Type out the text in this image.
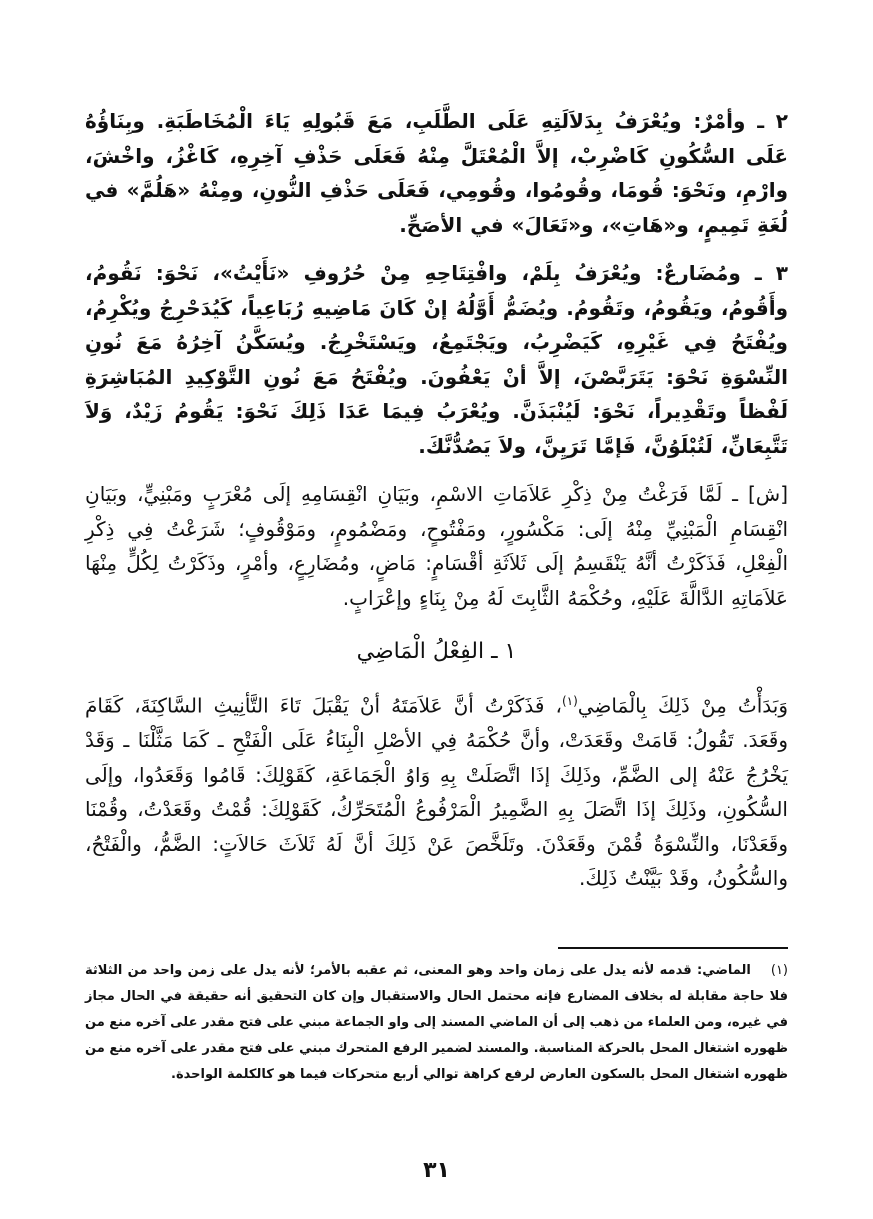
٢ ـ وأمْرٌ: ويُعْرَفُ بِدَلاَلَتِهِ عَلَى الطَّلَبِ، مَعَ قَبُولِهِ يَاءَ الْمُخَاطَبَةِ. وبِنَاؤُهُ عَلَى السُّكُونِ كَاضْرِبْ، إلاَّ الْمُعْتَلَّ مِنْهُ فَعَلَى حَذْفِ آخِرِهِ، كَاغْزُ، واخْشَ، وارْمِ، ونَحْوَ: قُومَا، وقُومُوا، وقُومِي، فَعَلَى حَذْفِ النُّونِ، ومِنْهُ «هَلُمَّ» في لُغَةِ تَمِيمٍ، و«هَاتِ»، و«تَعَالَ» في الأصَحِّ.

٣ ـ ومُضَارعٌ: ويُعْرَفُ بِلَمْ، وافْتِتَاحِهِ مِنْ حُرُوفِ «نَأَيْتُ»، نَحْوَ: نَقُومُ، وأَقُومُ، ويَقُومُ، وتَقُومُ. ويُضَمُّ أَوَّلُهُ إنْ كَانَ مَاضِيهِ رُبَاعِياً، كَيُدَحْرِجُ ويُكْرِمُ، ويُفْتَحُ فِي غَيْرِهِ، كَيَضْرِبُ، ويَجْتَمِعُ، ويَسْتَخْرِجُ. ويُسَكَّنُ آخِرُهُ مَعَ نُونِ النِّسْوَةِ نَحْوَ: يَتَرَبَّصْنَ، إلاَّ أنْ يَعْفُونَ. ويُفْتَحُ مَعَ نُونِ التَّوْكِيدِ المُبَاشِرَةِ لَفْظاً وتَقْدِيراً، نَحْوَ: لَيُنْبَذَنَّ. ويُعْرَبُ فِيمَا عَدَا ذَلِكَ نَحْوَ: يَقُومُ زَيْدٌ، وَلاَ تَتَّبِعَانِّ، لَتُبْلَوُنَّ، فَإمَّا تَرَيِنَّ، ولاَ يَصُدُّنَّكَ.

[ش] ـ لَمَّا فَرَغْتُ مِنْ ذِكْرِ عَلاَمَاتِ الاسْمِ، وبَيَانِ انْقِسَامِهِ إلَى مُعْرَبٍ ومَبْنِيٍّ، وبَيَانِ انْقِسَامِ الْمَبْنِيِّ مِنْهُ إلَى: مَكْسُورٍ، ومَفْتُوحٍ، ومَضْمُومٍ، ومَوْقُوفٍ؛ شَرَعْتُ فِي ذِكْرِ الْفِعْلِ، فَذَكَرْتُ أنَّهُ يَنْقَسِمُ إلَى ثَلاَثَةِ أقْسَامٍ: مَاضٍ، ومُضَارِعٍ، وأمْرٍ، وذَكَرْتُ لِكُلٍّ مِنْهَا عَلاَمَاتِهِ الدَّالَّةَ عَلَيْهِ، وحُكْمَهُ الثَّابِتَ لَهُ مِنْ بِنَاءٍ وإعْرَابٍ.

١ ـ الفِعْلُ الْمَاضِي

وَبَدَأْتُ مِنْ ذَلِكَ بِالْمَاضِي$^{(١)}$، فَذَكَرْتُ أنَّ عَلاَمَتَهُ أنْ يَقْبَلَ تَاءَ التَّأنِيثِ السَّاكِنَةَ، كَقَامَ وقَعَدَ. تَقُولُ: قَامَتْ وقَعَدَتْ، وأنَّ حُكْمَهُ فِي الأصْلِ الْبِنَاءُ عَلَى الْفَتْحِ ـ كَمَا مَثَّلْنَا ـ وَقَدْ يَخْرُجُ عَنْهُ إلى الضَّمِّ، وذَلِكَ إذَا اتَّصَلَتْ بِهِ وَاوُ الْجَمَاعَةِ، كَقَوْلِكَ: قَامُوا وَقَعَدُوا، وإلَى السُّكُونِ، وذَلِكَ إذَا اتَّصَلَ بِهِ الضَّمِيرُ الْمَرْفُوعُ الْمُتَحَرِّكُ، كَقَوْلِكَ: قُمْتُ وقَعَدْتُ، وقُمْنَا وقَعَدْنَا، والنِّسْوَةُ قُمْنَ وقَعَدْنَ. وتَلَخَّصَ عَنْ ذَلِكَ أنَّ لَهُ ثَلاَثَ حَالاَتٍ: الضَّمُّ، والْفَتْحُ، والسُّكُونُ، وقَدْ بَيَّنْتُ ذَلِكَ.

(١)الماضي: قدمه لأنه يدل على زمان واحد وهو المعنى، ثم عقبه بالأمر؛ لأنه يدل على زمن واحد من الثلاثة فلا حاجة مقابلة له بخلاف المضارع فإنه محتمل الحال والاستقبال وإن كان التحقيق أنه حقيقة في الحال مجاز في غيره، ومن العلماء من ذهب إلى أن الماضي المسند إلى واو الجماعة مبني على فتح مقدر على آخره منع من ظهوره اشتغال المحل بالحركة المناسبة. والمسند لضمير الرفع المتحرك مبني على فتح مقدر على آخره منع من ظهوره اشتغال المحل بالسكون العارض لرفع كراهة توالي أربع متحركات فيما هو كالكلمة الواحدة.
٣١
